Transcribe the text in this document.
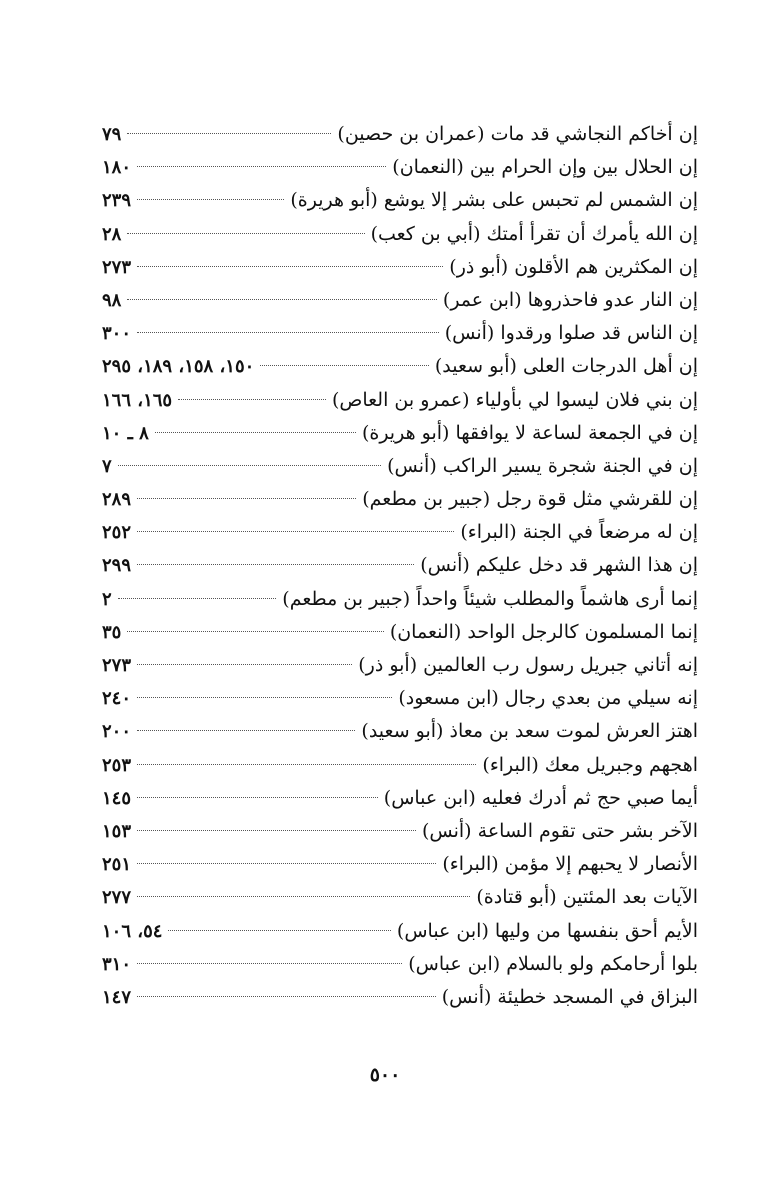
إن أخاكم النجاشي قد مات (عمران بن حصين)
٧٩
إن الحلال بين وإن الحرام بين (النعمان)
١٨٠
إن الشمس لم تحبس على بشر إلا يوشع (أبو هريرة)
٢٣٩
إن الله يأمرك أن تقرأ أمتك (أبي بن كعب)
٢٨
إن المكثرين هم الأقلون (أبو ذر)
٢٧٣
إن النار عدو فاحذروها (ابن عمر)
٩٨
إن الناس قد صلوا ورقدوا (أنس)
٣٠٠
إن أهل الدرجات العلى (أبو سعيد)
١٥٠، ١٥٨، ١٨٩، ٢٩٥
إن بني فلان ليسوا لي بأولياء (عمرو بن العاص)
١٦٥، ١٦٦
إن في الجمعة لساعة لا يوافقها (أبو هريرة)
٨ ـ ١٠
إن في الجنة شجرة يسير الراكب (أنس)
٧
إن للقرشي مثل قوة رجل (جبير بن مطعم)
٢٨٩
إن له مرضعاً في الجنة (البراء)
٢٥٢
إن هذا الشهر قد دخل عليكم (أنس)
٢٩٩
إنما أرى هاشماً والمطلب شيئاً واحداً (جبير بن مطعم)
٢
إنما المسلمون كالرجل الواحد (النعمان)
٣٥
إنه أتاني جبريل رسول رب العالمين (أبو ذر)
٢٧٣
إنه سيلي من بعدي رجال (ابن مسعود)
٢٤٠
اهتز العرش لموت سعد بن معاذ (أبو سعيد)
٢٠٠
اهجهم وجبريل معك (البراء)
٢٥٣
أيما صبي حج ثم أدرك فعليه (ابن عباس)
١٤٥
الآخر بشر حتى تقوم الساعة (أنس)
١٥٣
الأنصار لا يحبهم إلا مؤمن (البراء)
٢٥١
الآيات بعد المئتين (أبو قتادة)
٢٧٧
الأيم أحق بنفسها من وليها (ابن عباس)
٥٤، ١٠٦
بلوا أرحامكم ولو بالسلام (ابن عباس)
٣١٠
البزاق في المسجد خطيئة (أنس)
١٤٧
٥٠٠
